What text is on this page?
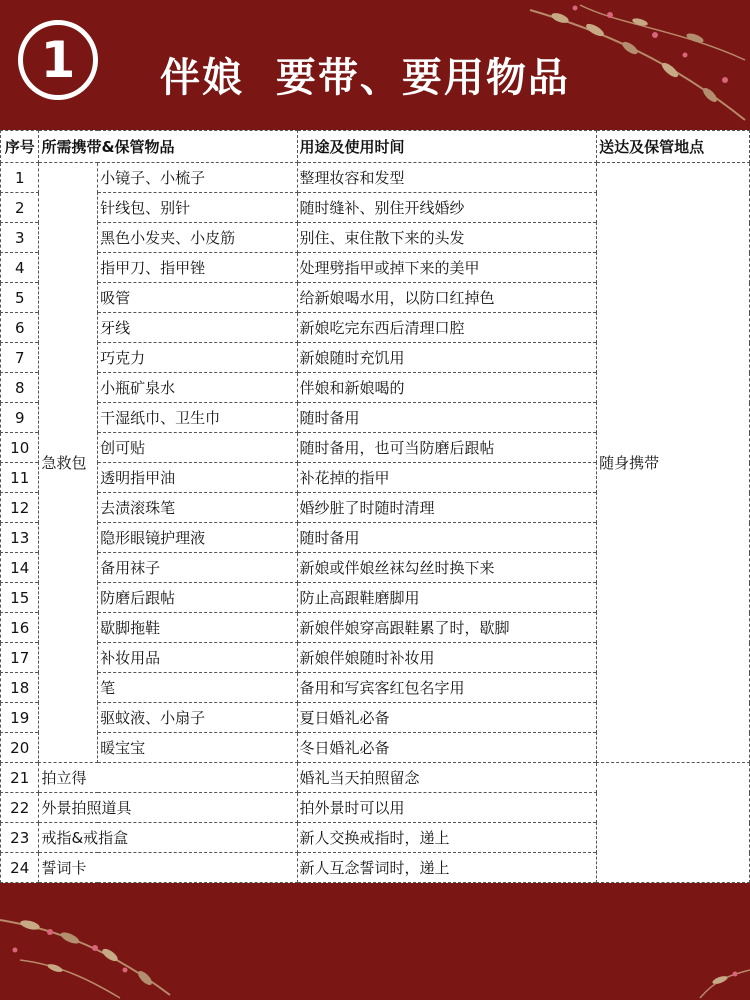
1	伴娘  要带、要用物品
序号	所需携带&保管物品		用途及使用时间	送达及保管地点
1	急救包	小镜子、小梳子	整理妆容和发型	随身携带
2		针线包、别针	随时缝补、别住开线婚纱	
3		黑色小发夹、小皮筋	别住、束住散下来的头发	
4		指甲刀、指甲锉	处理劈指甲或掉下来的美甲	
5		吸管	给新娘喝水用，以防口红掉色	
6		牙线	新娘吃完东西后清理口腔	
7		巧克力	新娘随时充饥用	
8		小瓶矿泉水	伴娘和新娘喝的	
9		干湿纸巾、卫生巾	随时备用	
10		创可贴	随时备用，也可当防磨后跟帖	
11		透明指甲油	补花掉的指甲	
12		去渍滚珠笔	婚纱脏了时随时清理	
13		隐形眼镜护理液	随时备用	
14		备用袜子	新娘或伴娘丝袜勾丝时换下来	
15		防磨后跟帖	防止高跟鞋磨脚用	
16		歇脚拖鞋	新娘伴娘穿高跟鞋累了时，歇脚	
17		补妆用品	新娘伴娘随时补妆用	
18		笔	备用和写宾客红包名字用	
19		驱蚊液、小扇子	夏日婚礼必备	
20		暖宝宝	冬日婚礼必备	
21	拍立得		婚礼当天拍照留念	
22	外景拍照道具		拍外景时可以用	
23	戒指&戒指盒		新人交换戒指时，递上	
24	誓词卡		新人互念誓词时，递上	
